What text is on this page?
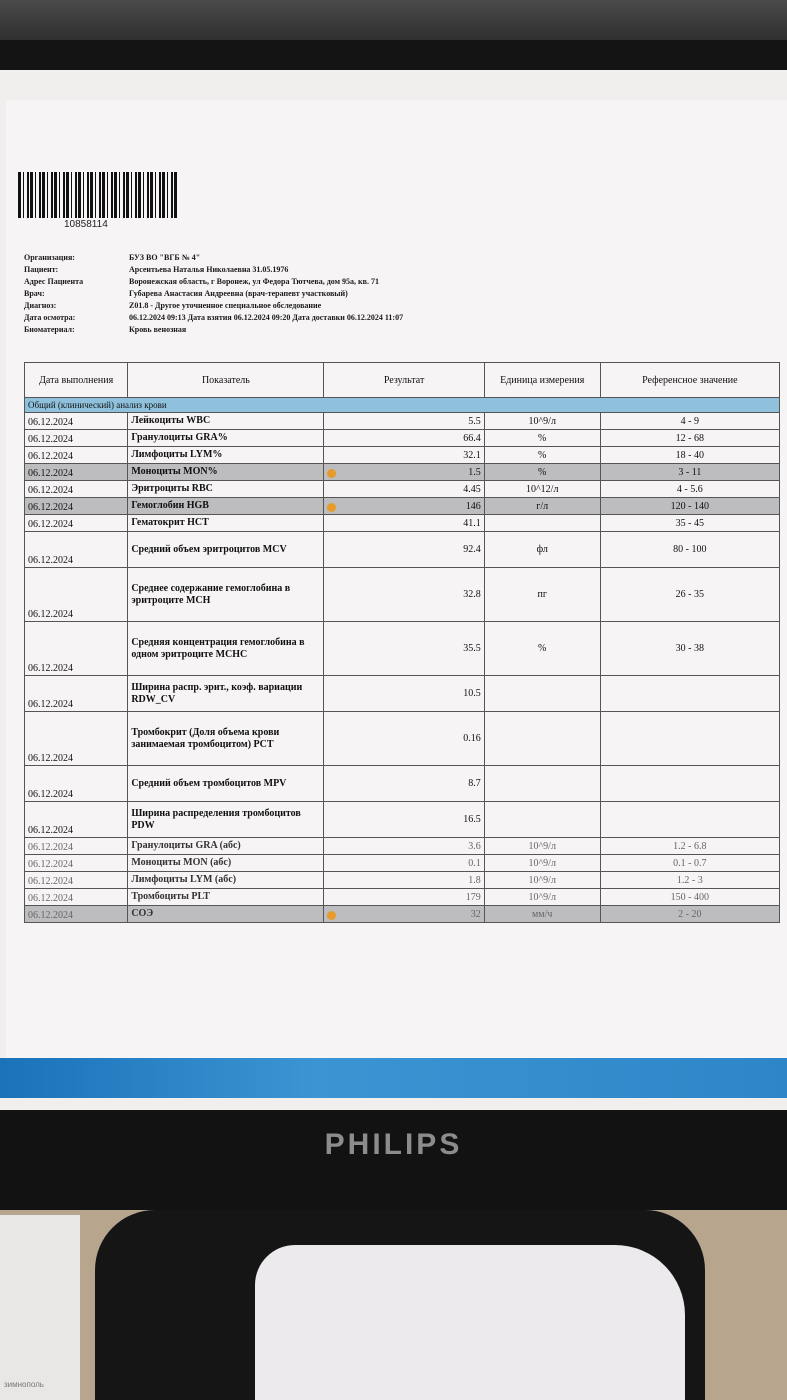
10858114
Организация:	БУЗ ВО "ВГБ № 4"
Пациент:	Арсентьева Наталья Николаевна 31.05.1976
Адрес Пациента	Воронежская область, г Воронеж, ул Федора Тютчева, дом 95а, кв. 71
Врач:	Губарева Анастасия Андреевна (врач-терапевт участковый)
Диагноз:	Z01.8 - Другое уточненное специальное обследование
Дата осмотра:	06.12.2024 09:13 Дата взятия 06.12.2024 09:20 Дата доставки 06.12.2024 11:07
Биоматериал:	Кровь венозная
Дата выполнения	Показатель	Результат	Единица измерения	Референсное значение
Общий (клинический) анализ крови				
06.12.2024	Лейкоциты WBC	5.5	10^9/л	4 - 9
06.12.2024	Гранулоциты GRA%	66.4	%	12 - 68
06.12.2024	Лимфоциты LYM%	32.1	%	18 - 40
06.12.2024	Моноциты MON%	1.5	%	3 - 11
06.12.2024	Эритроциты RBC	4.45	10^12/л	4 - 5.6
06.12.2024	Гемоглобин HGB	146	г/л	120 - 140
06.12.2024	Гематокрит HCT	41.1		35 - 45
06.12.2024	Средний объем эритроцитов MCV	92.4	фл	80 - 100
06.12.2024	Среднее содержание гемоглобина в эритроците MCH	32.8	пг	26 - 35
06.12.2024	Средняя концентрация гемоглобина в одном эритроците MCHC	35.5	%	30 - 38
06.12.2024	Ширина распр. эрит., коэф. вариации RDW_CV	10.5		
06.12.2024	Тромбокрит (Доля объема крови занимаемая тромбоцитом) PCT	0.16		
06.12.2024	Средний объем тромбоцитов MPV	8.7		
06.12.2024	Ширина распределения тромбоцитов PDW	16.5		
06.12.2024	Гранулоциты GRA (абс)	3.6	10^9/л	1.2 - 6.8
06.12.2024	Моноциты MON (абс)	0.1	10^9/л	0.1 - 0.7
06.12.2024	Лимфоциты LYM (абс)	1.8	10^9/л	1.2 - 3
06.12.2024	Тромбоциты PLT	179	10^9/л	150 - 400
06.12.2024	СОЭ	32	мм/ч	2 - 20
PHILIPS
зимнополь
